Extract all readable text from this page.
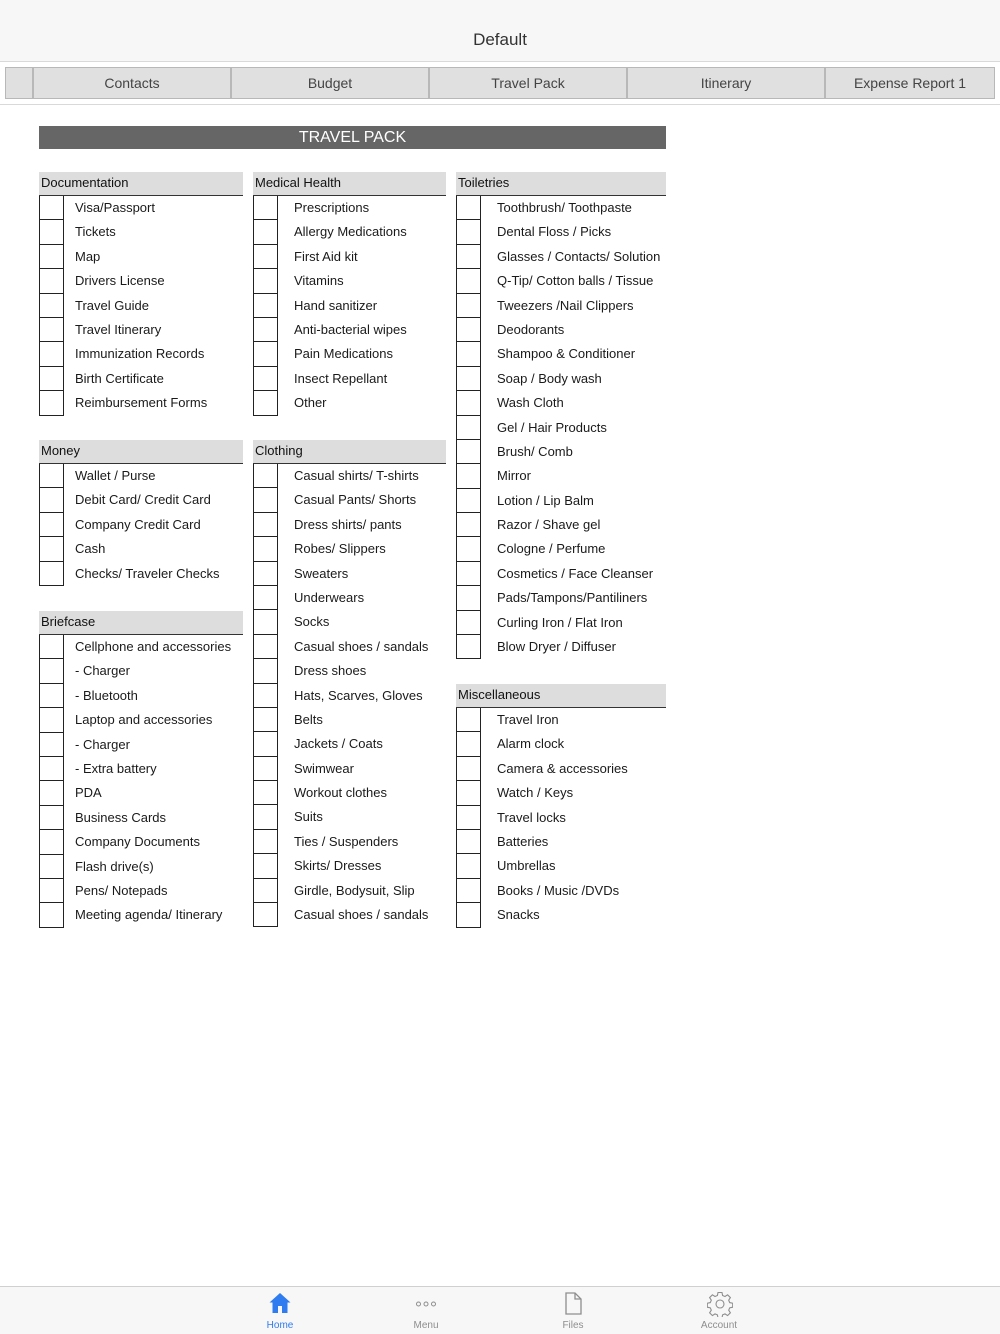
Default
Contacts	Budget	Travel Pack	Itinerary	Expense Report 1
TRAVEL PACK
Documentation
Visa/Passport
Tickets
Map
Drivers License
Travel Guide
Travel Itinerary
Immunization Records
Birth Certificate
Reimbursement Forms
Money
Wallet / Purse
Debit Card/ Credit Card
Company Credit Card
Cash
Checks/ Traveler Checks
Briefcase
Cellphone and accessories
- Charger
- Bluetooth
Laptop and accessories
- Charger
- Extra battery
PDA
Business Cards
Company Documents
Flash drive(s)
Pens/ Notepads
Meeting agenda/ Itinerary
Medical Health
Prescriptions
Allergy Medications
First Aid kit
Vitamins
Hand sanitizer
Anti-bacterial wipes
Pain Medications
Insect Repellant
Other
Clothing
Casual shirts/ T-shirts
Casual Pants/ Shorts
Dress shirts/ pants
Robes/ Slippers
Sweaters
Underwears
Socks
Casual shoes / sandals
Dress shoes
Hats, Scarves, Gloves
Belts
Jackets / Coats
Swimwear
Workout clothes
Suits
Ties / Suspenders
Skirts/ Dresses
Girdle, Bodysuit, Slip
Casual shoes / sandals
Toiletries
Toothbrush/ Toothpaste
Dental Floss / Picks
Glasses / Contacts/ Solution
Q-Tip/ Cotton balls / Tissue
Tweezers /Nail Clippers
Deodorants
Shampoo & Conditioner
Soap / Body wash
Wash Cloth
Gel / Hair Products
Brush/ Comb
Mirror
Lotion / Lip Balm
Razor / Shave gel
Cologne / Perfume
Cosmetics / Face Cleanser
Pads/Tampons/Pantiliners
Curling Iron / Flat Iron
Blow Dryer / Diffuser
Miscellaneous
Travel Iron
Alarm clock
Camera & accessories
Watch / Keys
Travel locks
Batteries
Umbrellas
Books / Music /DVDs
Snacks
Home	Menu	Files	Account
